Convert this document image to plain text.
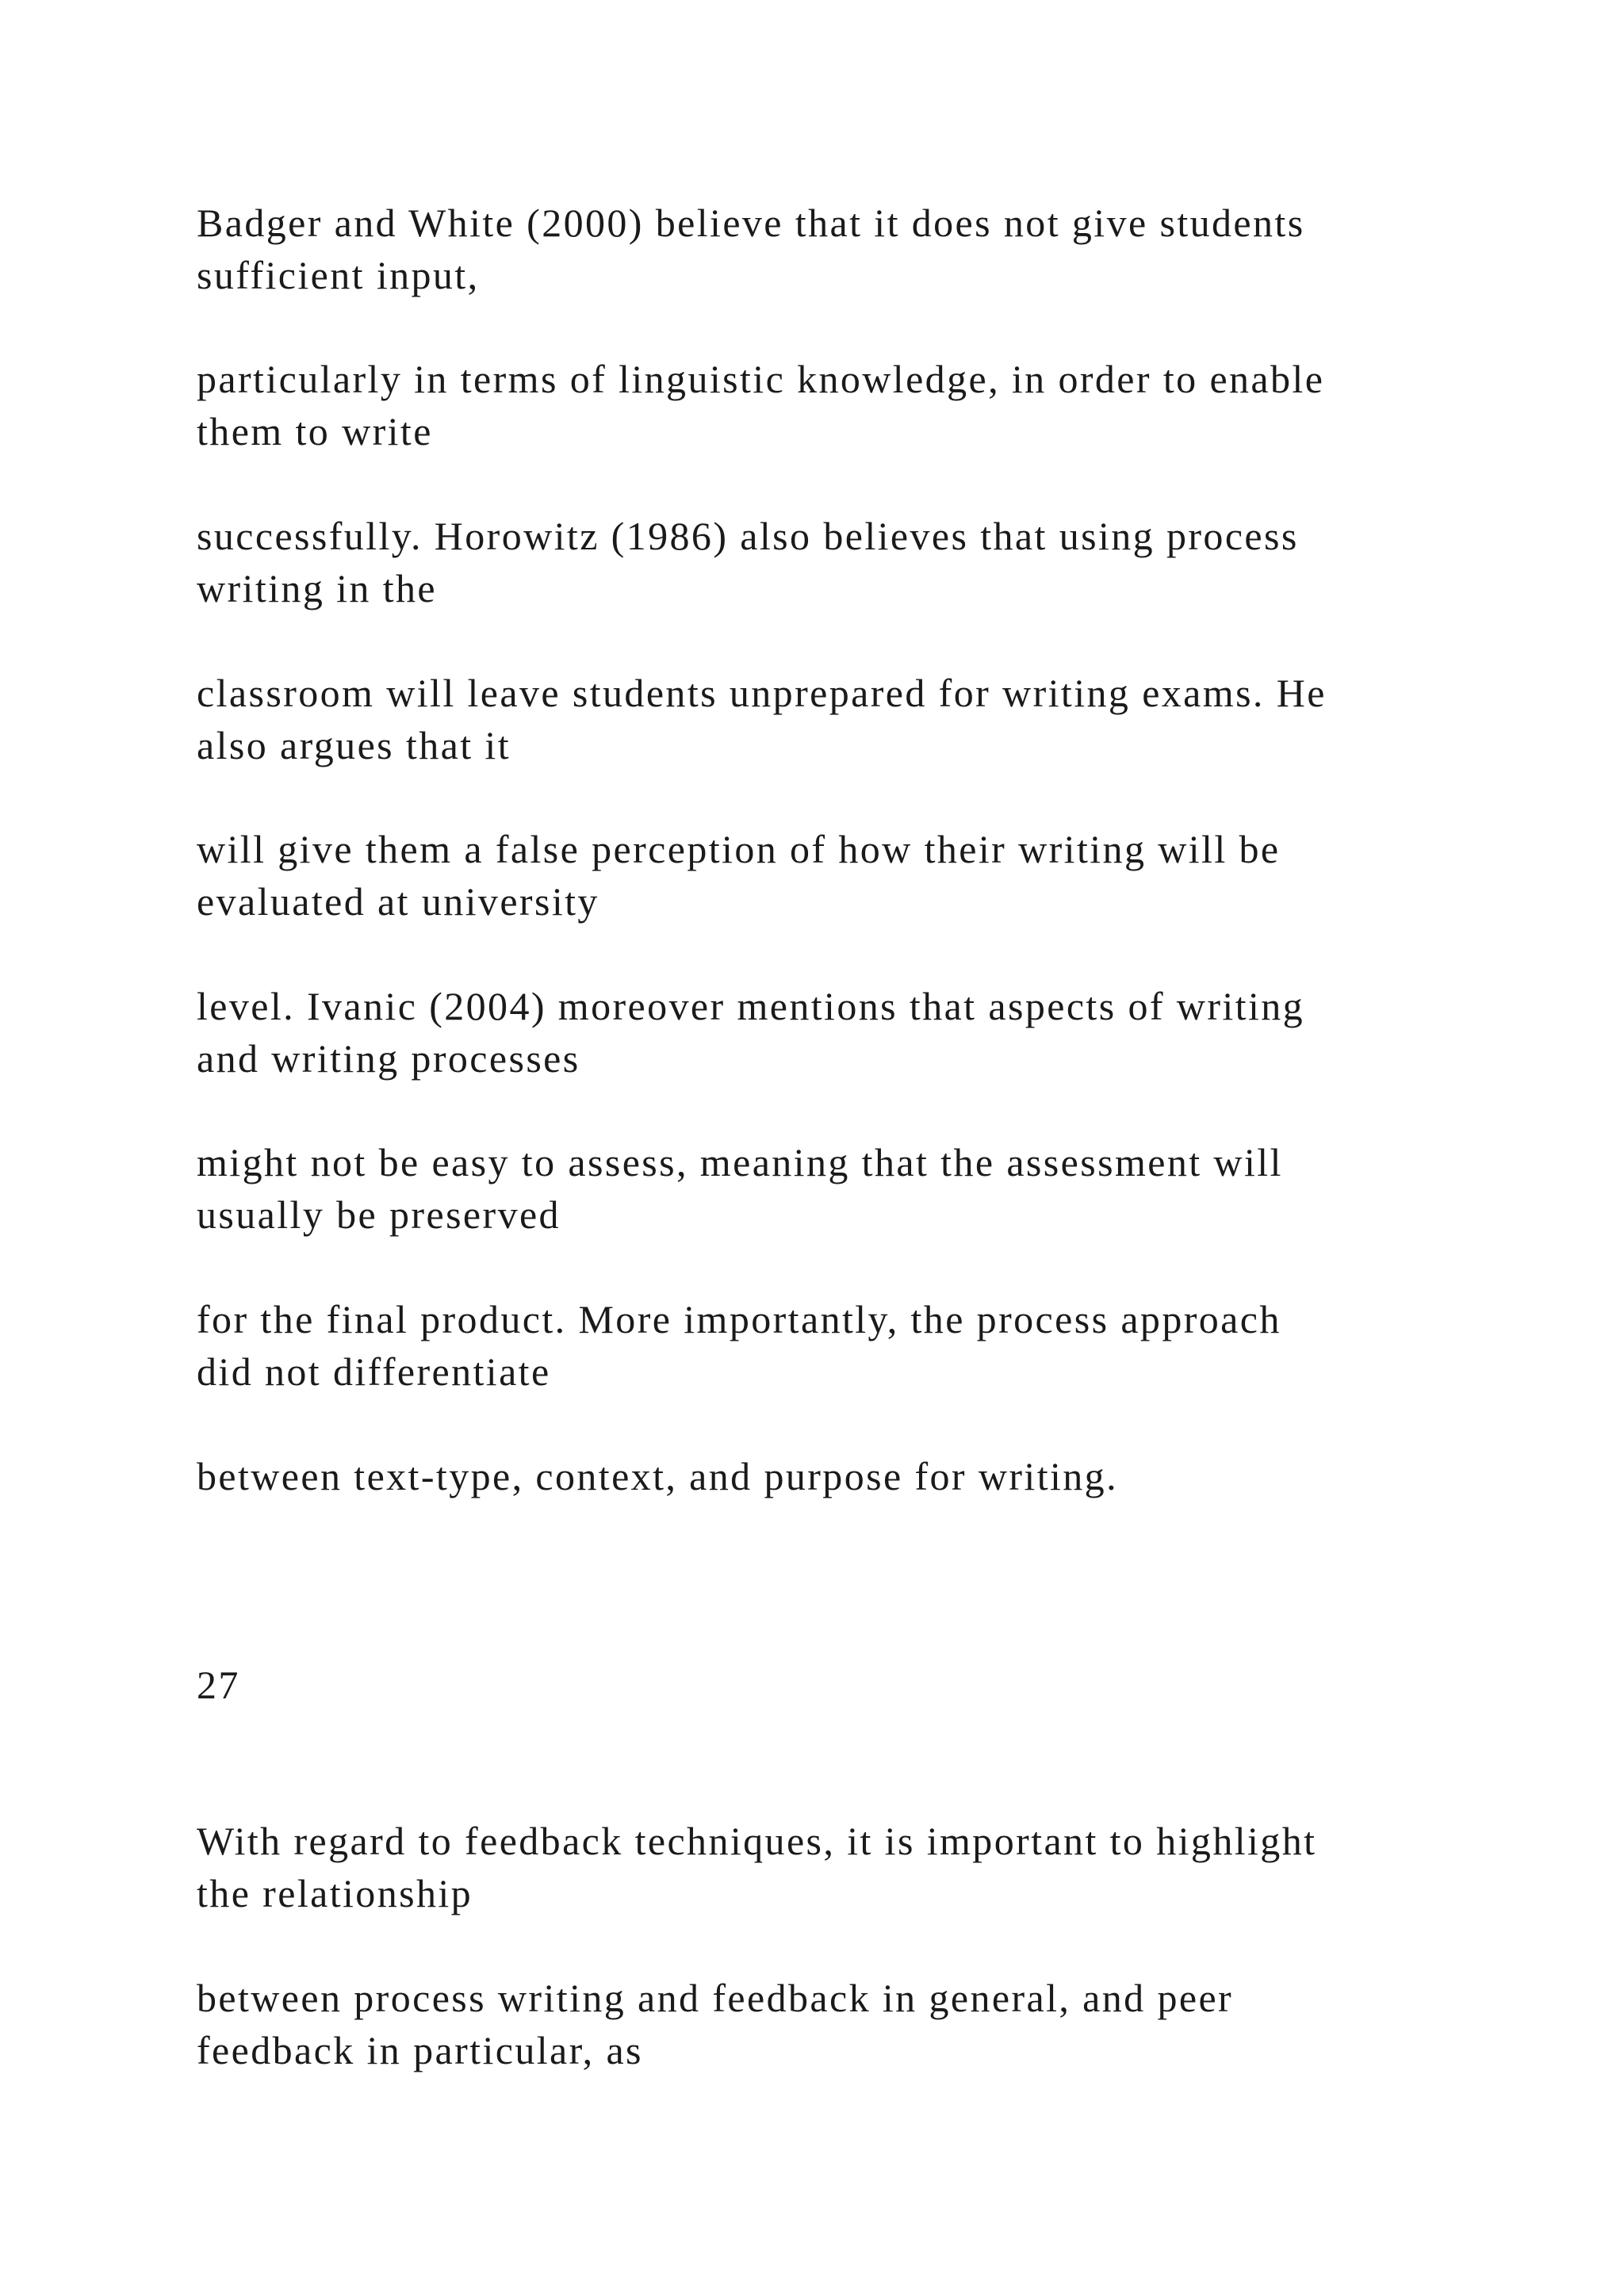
Badger and White (2000) believe that it does not give students
sufficient input,
particularly in terms of linguistic knowledge, in order to enable
them to write
successfully. Horowitz (1986) also believes that using process
writing in the
classroom will leave students unprepared for writing exams. He
also argues that it
will give them a false perception of how their writing will be
evaluated at university
level. Ivanic (2004) moreover mentions that aspects of writing
and writing processes
might not be easy to assess, meaning that the assessment will
usually be preserved
for the final product. More importantly, the process approach
did not differentiate
between text-type, context, and purpose for writing.
27
With regard to feedback techniques, it is important to highlight
the relationship
between process writing and feedback in general, and peer
feedback in particular, as
